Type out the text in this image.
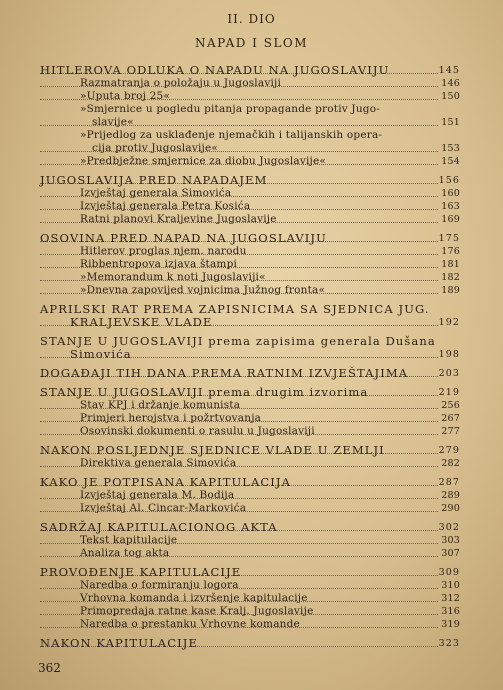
II. DIO
NAPAD I SLOM
HITLEROVA ODLUKA O NAPADU NA JUGOSLAVIJU	145
Razmatranja o položaju u Jugoslaviji	146
»Uputa broj 25«	150
»Smjernice u pogledu pitanja propagande protiv Jugo-
slavije«	151
»Prijedlog za usklađenje njemačkih i talijanskih opera-
cija protiv Jugoslavije«	153
»Predbježne smjernice za diobu Jugoslavije«	154
JUGOSLAVIJA PRED NAPADAJEM	156
Izvještaj generala Simovića	160
Izvještaj generala Petra Kosića	163
Ratni planovi Kraljevine Jugoslavije	169
OSOVINA PRED NAPAD NA JUGOSLAVIJU	175
Hitlerov proglas njem. narodu	176
Ribbentropova izjava štampi	181
»Memorandum k noti Jugoslaviji«	182
»Dnevna zapovijed vojnicima Južnog fronta«	189
APRILSKI RAT PREMA ZAPISNICIMA SA SJEDNICA JUG.
KRALJEVSKE VLADE	192
STANJE U JUGOSLAVIJI prema zapisima generala Dušana
Simovića	198
DOGAĐAJI TIH DANA PREMA RATNIM IZVJEŠTAJIMA	203
STANJE U JUGOSLAVIJI prema drugim izvorima	219
Stav KPJ i držanje komunista	256
Primjeri herojstva i požrtvovanja	267
Osovinski dokumenti o rasulu u Jugoslaviji	277
NAKON POSLJEDNJE SJEDNICE VLADE U ZEMLJI	279
Direktiva generala Simovića	282
KAKO JE POTPISANA KAPITULACIJA	287
Izvještaj generala M. Bodija	289
Izvještaj Al. Cincar-Markovića	290
SADRŽAJ KAPITULACIONOG AKTA	302
Tekst kapitulacije	303
Analiza tog akta	307
PROVOĐENJE KAPITULACIJE	309
Naredba o formiranju logora	310
Vrhovna komanda i izvršenje kapitulacije	312
Primopredaja ratne kase Kralj. Jugoslavije	316
Naredba o prestanku Vrhovne komande	319
NAKON KAPITULACIJE	323
362
